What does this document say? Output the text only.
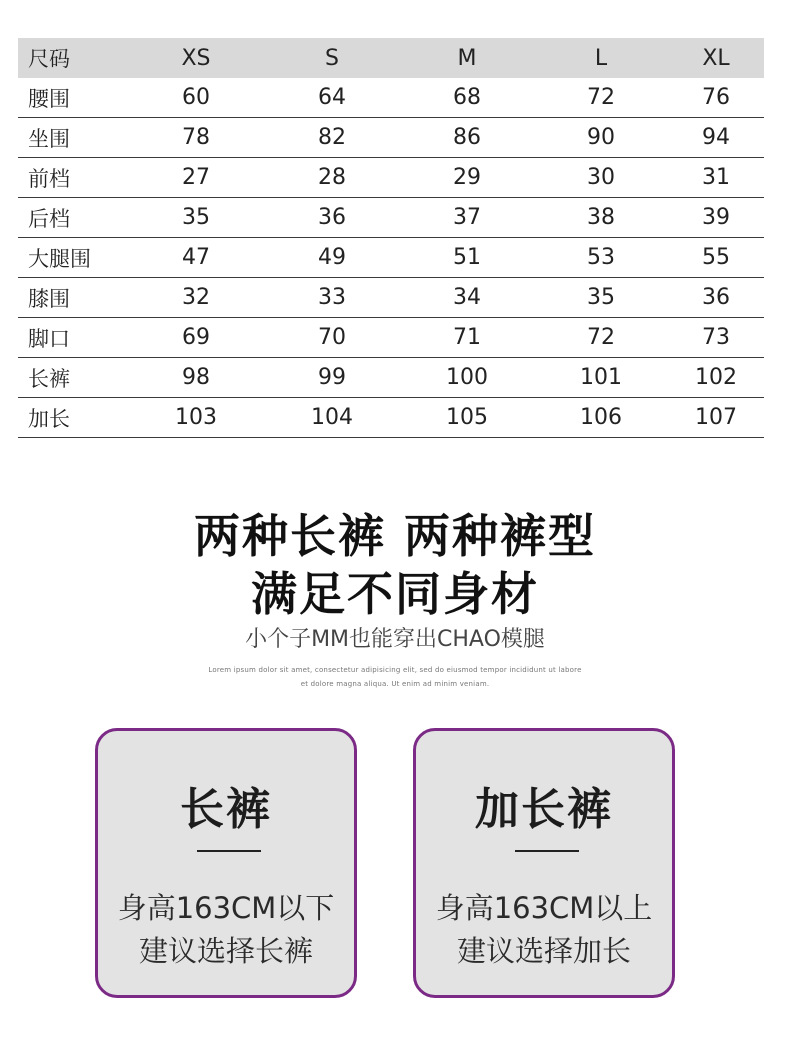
尺码	XS	S	M	L	XL
腰围	60	64	68	72	76
坐围	78	82	86	90	94
前档	27	28	29	30	31
后档	35	36	37	38	39
大腿围	47	49	51	53	55
膝围	32	33	34	35	36
脚口	69	70	71	72	73
长裤	98	99	100	101	102
加长	103	104	105	106	107
两种长裤 两种裤型
满足不同身材
小个子MM也能穿出CHAO模腿
Lorem ipsum dolor sit amet, consectetur adipisicing elit, sed do eiusmod tempor incididunt ut labore
et dolore magna aliqua. Ut enim ad minim veniam.
长裤
身高163CM以下
建议选择长裤
加长裤
身高163CM以上
建议选择加长
